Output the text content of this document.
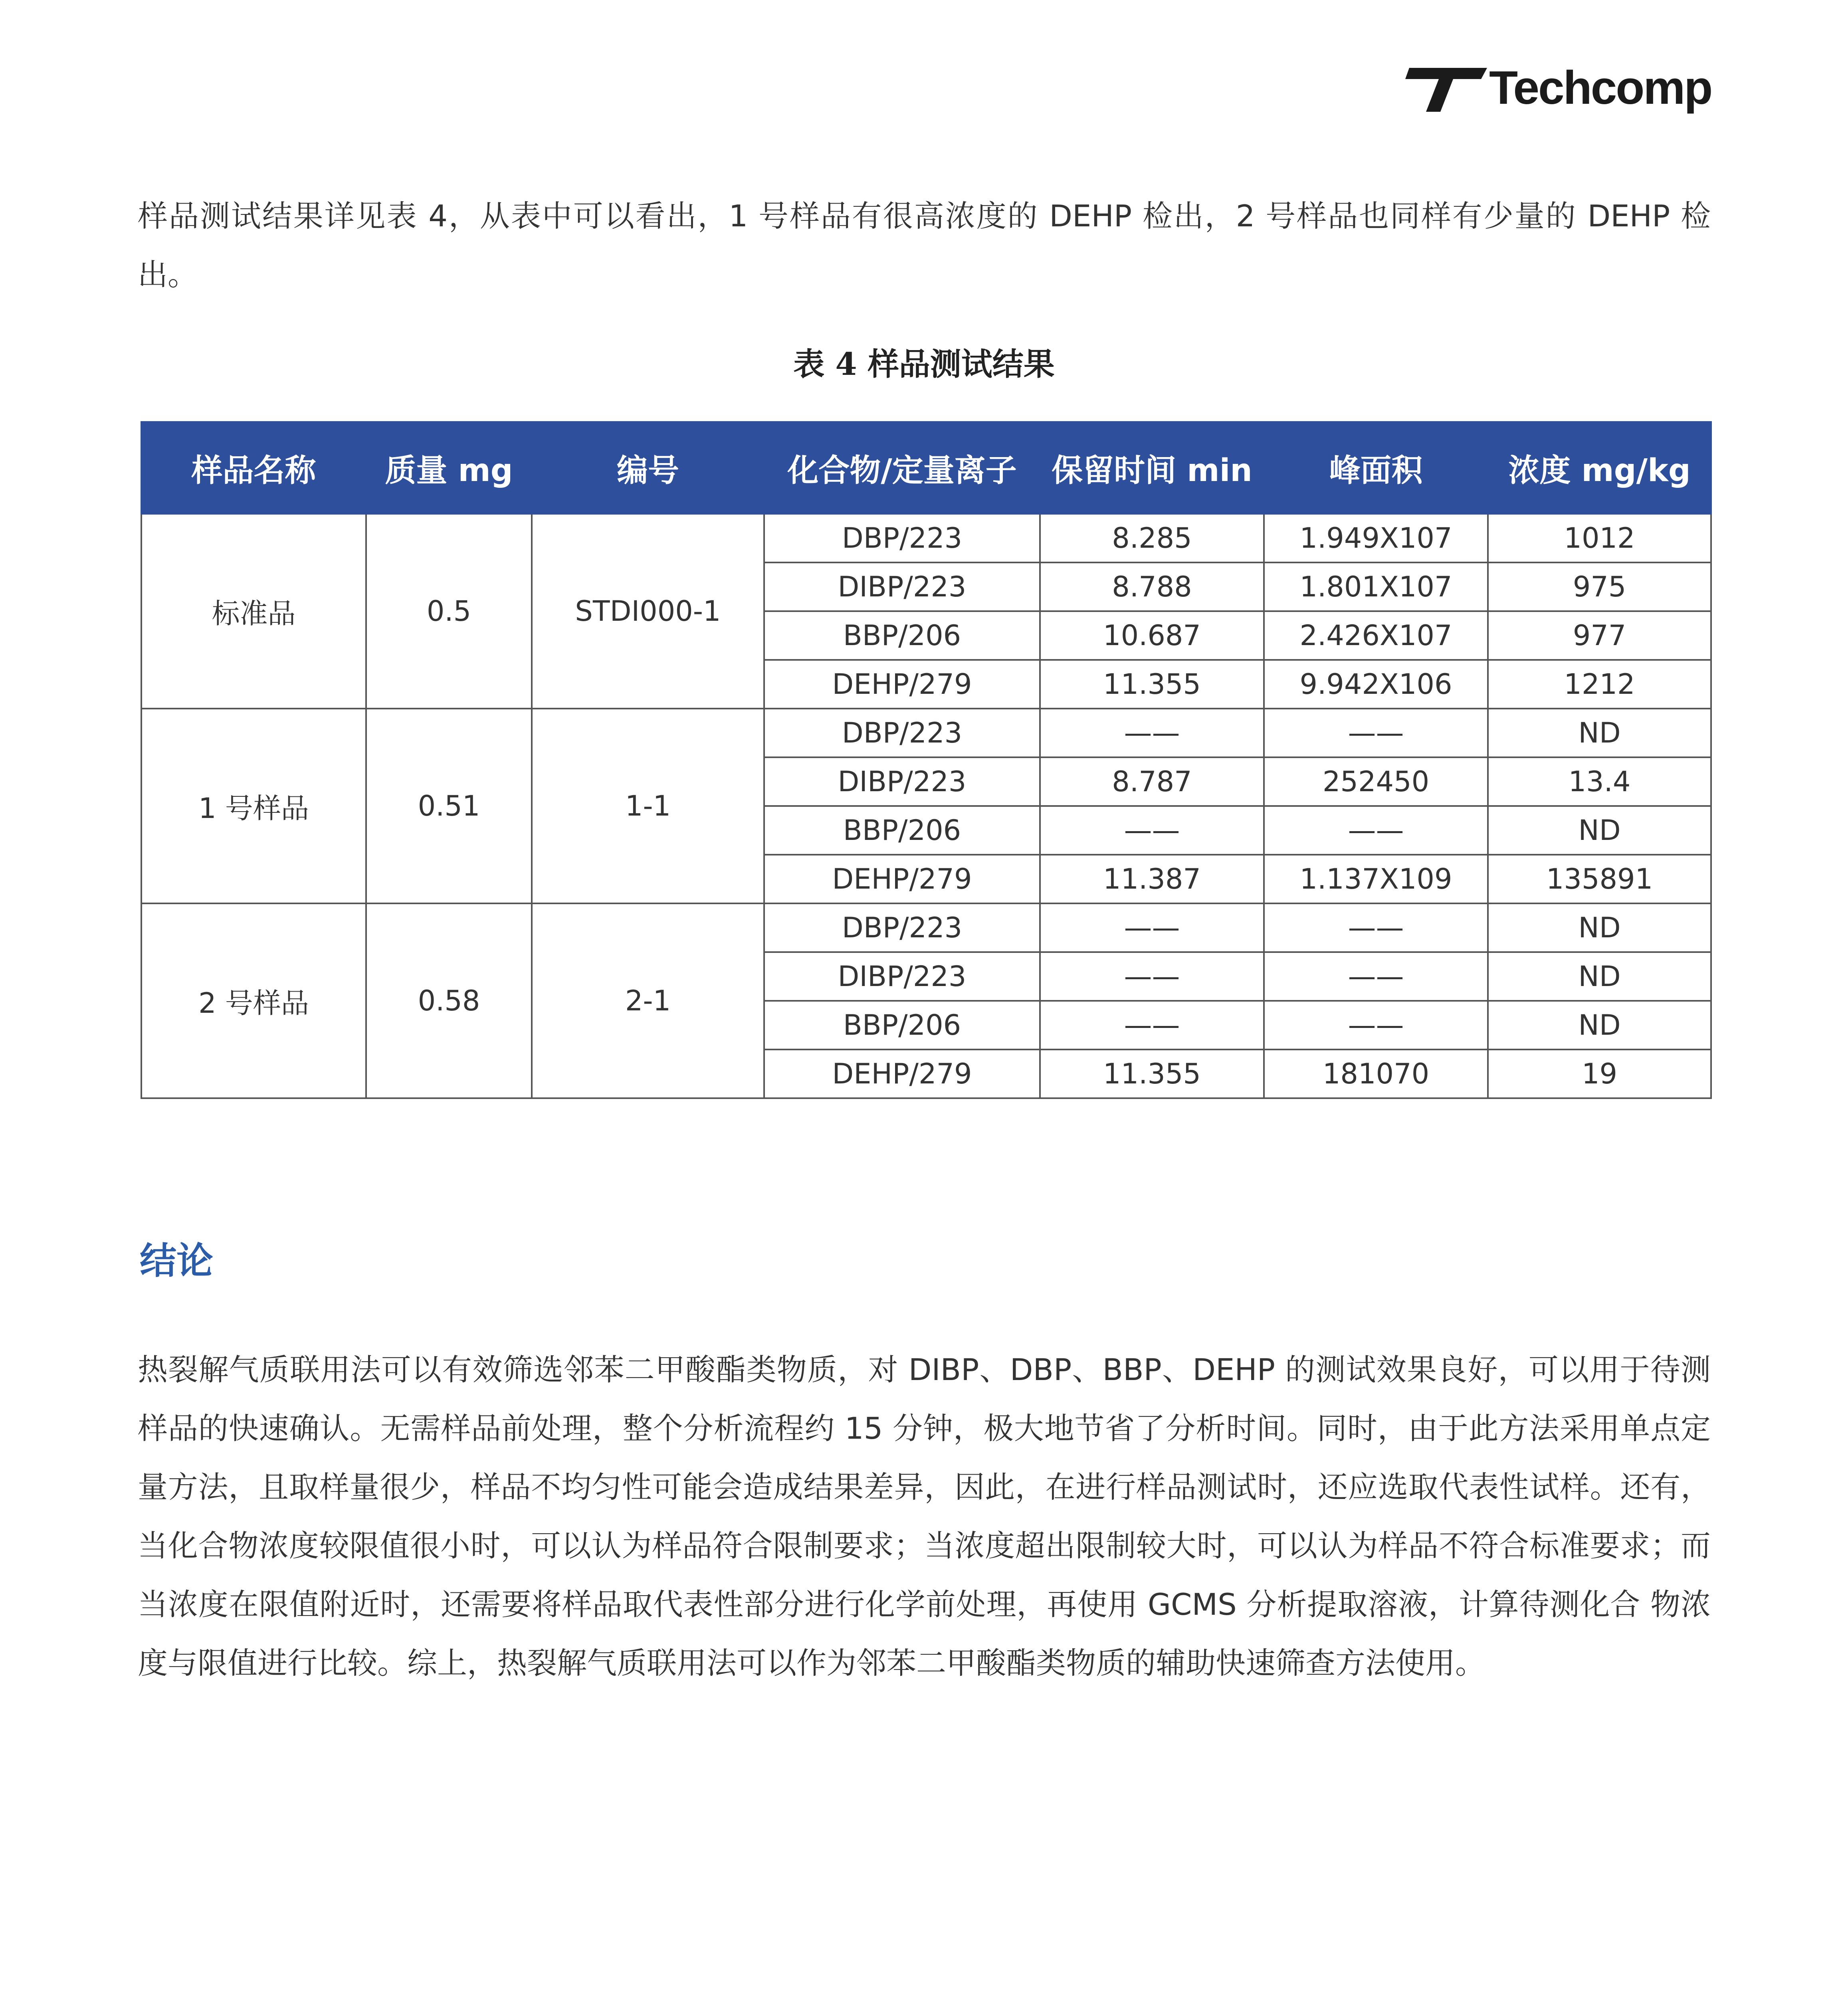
Techcomp
样品测试结果详见表 4，从表中可以看出，1 号样品有很高浓度的 DEHP 检出，2 号样品也同样有少量的 DEHP 检出。
表 4 样品测试结果
样品名称	质量 mg	编号	化合物/定量离子	保留时间 min	峰面积	浓度 mg/kg
标准品	0.5	STDI000-1	DBP/223	8.285	1.949X107	1012
			DIBP/223	8.788	1.801X107	975
			BBP/206	10.687	2.426X107	977
			DEHP/279	11.355	9.942X106	1212
1 号样品	0.51	1-1	DBP/223	——	——	ND
			DIBP/223	8.787	252450	13.4
			BBP/206	——	——	ND
			DEHP/279	11.387	1.137X109	135891
2 号样品	0.58	2-1	DBP/223	——	——	ND
			DIBP/223	——	——	ND
			BBP/206	——	——	ND
			DEHP/279	11.355	181070	19
结论
热裂解气质联用法可以有效筛选邻苯二甲酸酯类物质，对 DIBP、DBP、BBP、DEHP 的测试效果良好，可以用于待测样品的快速确认。无需样品前处理，整个分析流程约 15 分钟，极大地节省了分析时间。同时，由于此方法采用单点定量方法，且取样量很少，样品不均匀性可能会造成结果差异，因此，在进行样品测试时，还应选取代表性试样。还有，当化合物浓度较限值很小时，可以认为样品符合限制要求；当浓度超出限制较大时，可以认为样品不符合标准要求；而当浓度在限值附近时，还需要将样品取代表性部分进行化学前处理，再使用 GCMS 分析提取溶液，计算待测化合 物浓度与限值进行比较。综上，热裂解气质联用法可以作为邻苯二甲酸酯类物质的辅助快速筛查方法使用。
